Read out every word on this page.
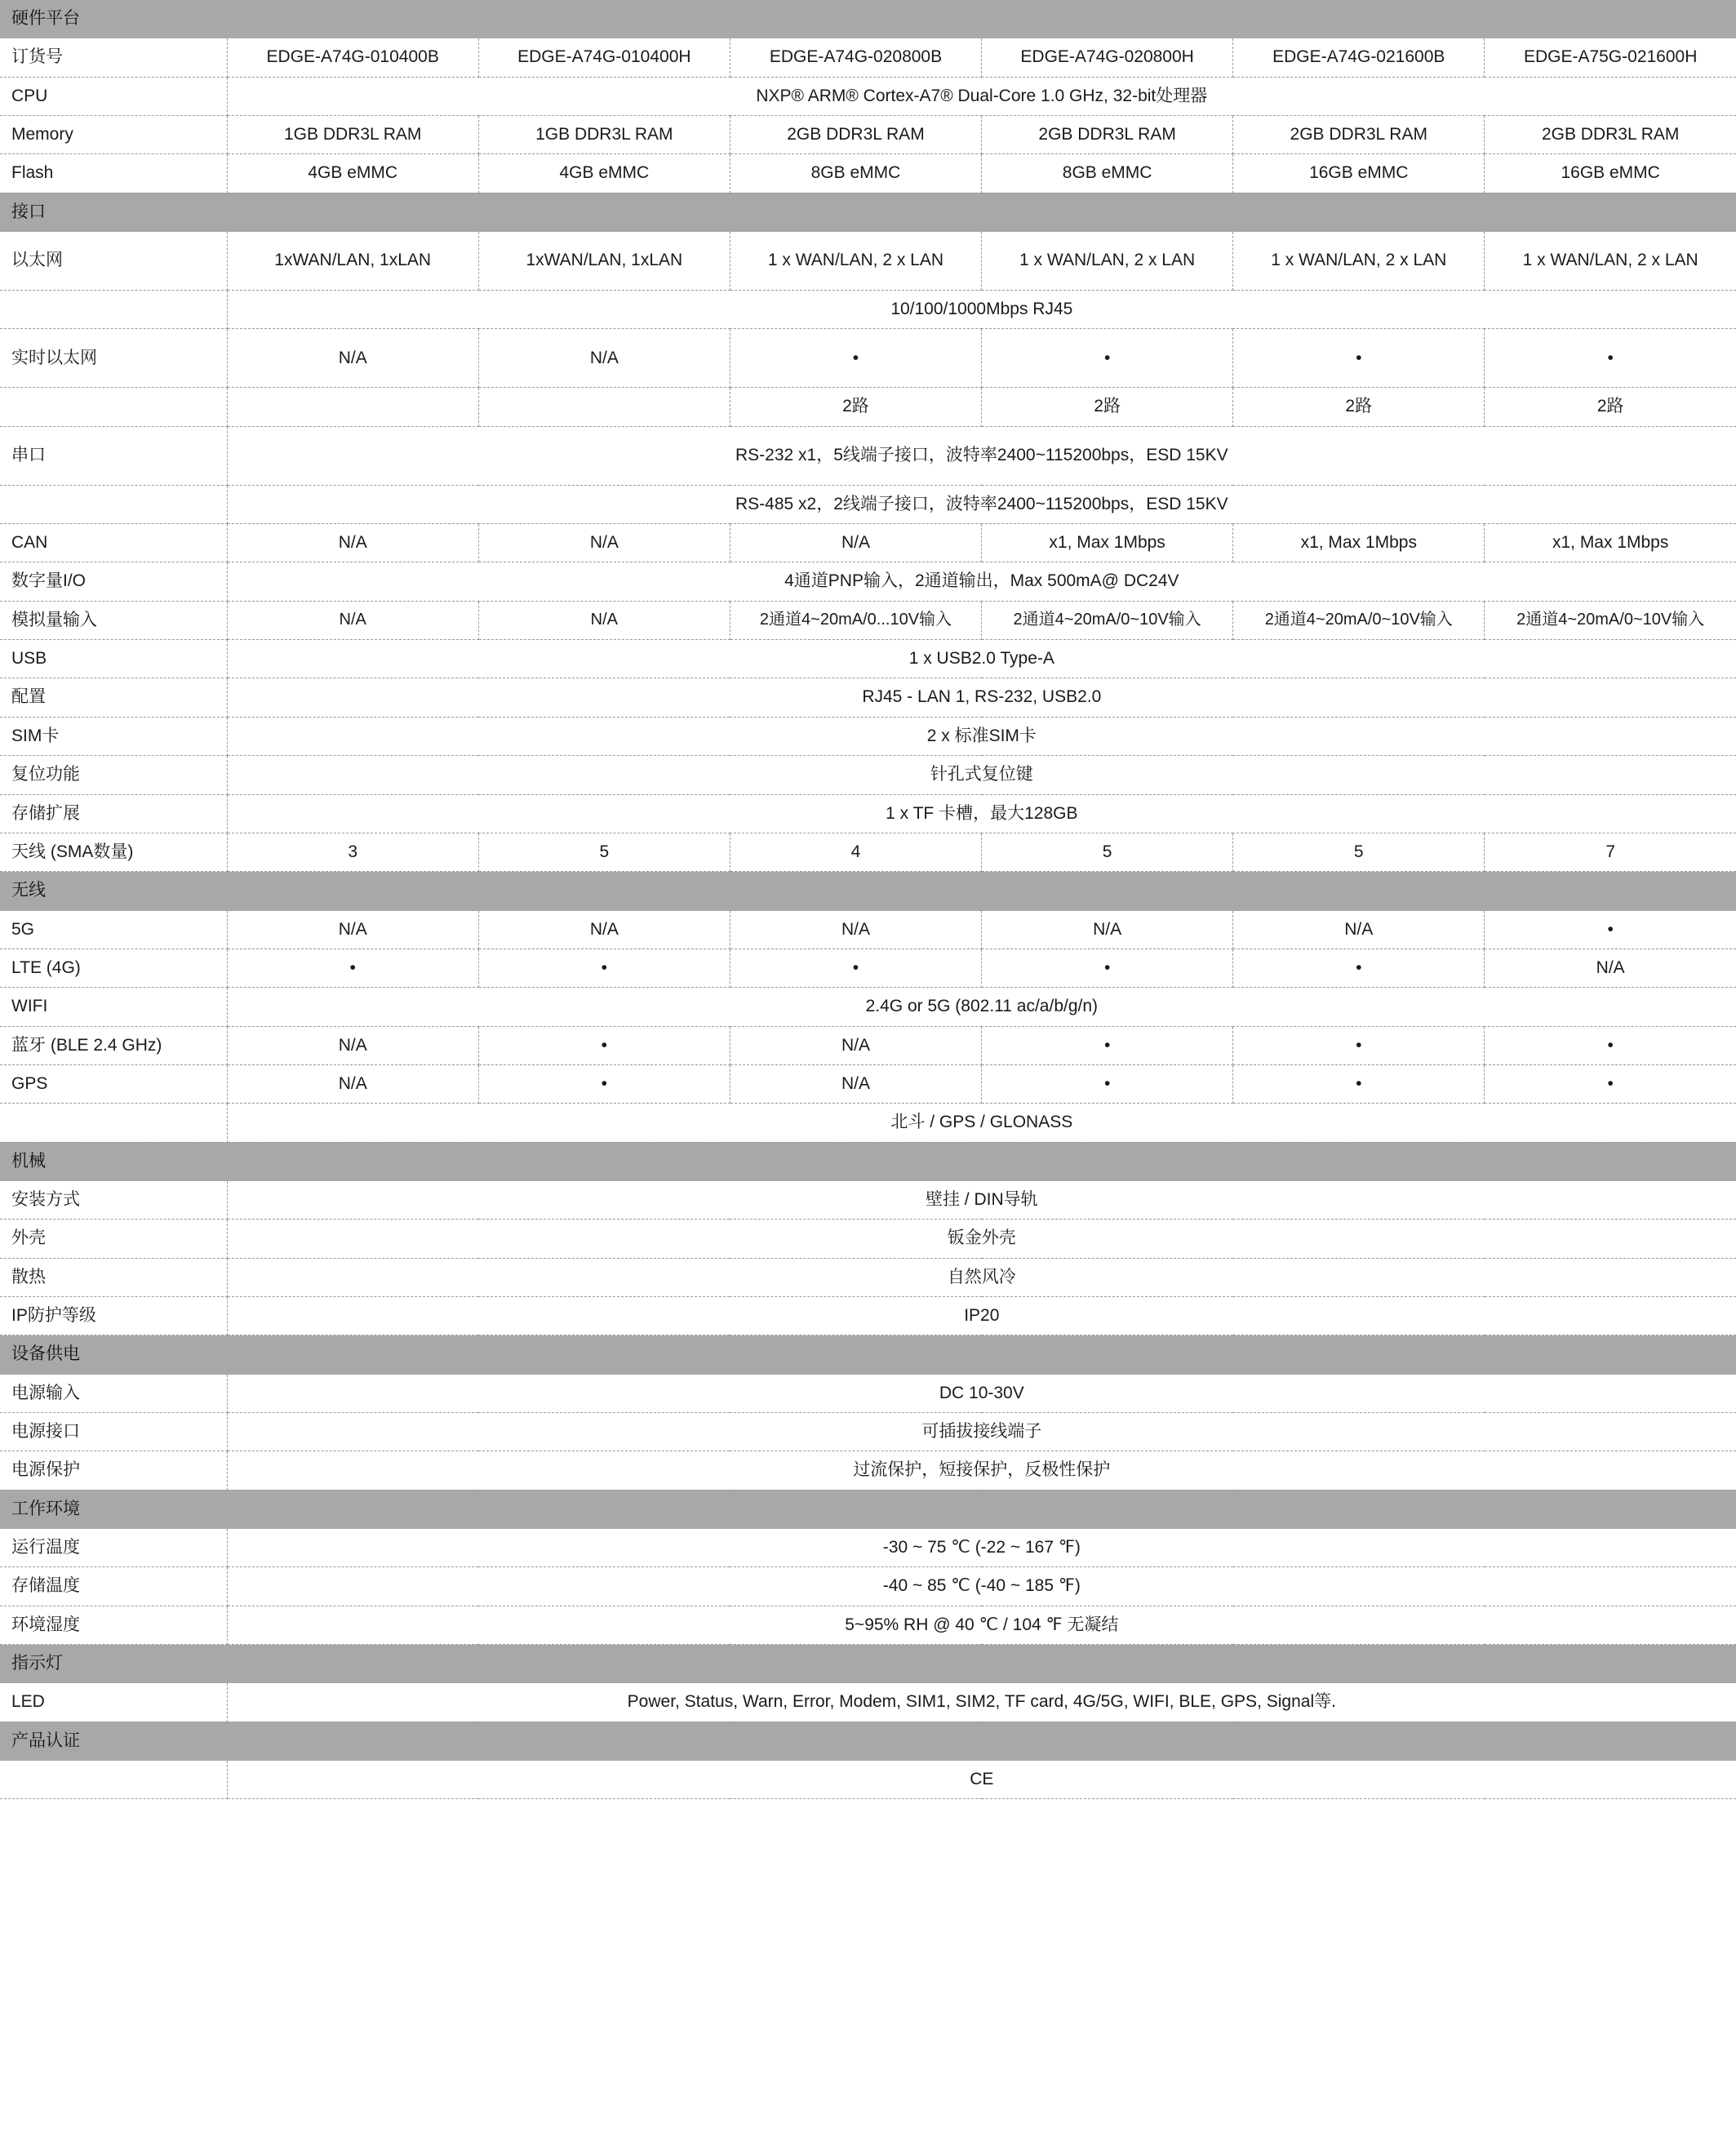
硬件平台						
订货号	EDGE-A74G-010400B	EDGE-A74G-010400H	EDGE-A74G-020800B	EDGE-A74G-020800H	EDGE-A74G-021600B	EDGE-A75G-021600H
CPU	NXP® ARM® Cortex-A7® Dual-Core 1.0 GHz, 32-bit处理器					
Memory	1GB DDR3L RAM	1GB DDR3L RAM	2GB DDR3L RAM	2GB DDR3L RAM	2GB DDR3L RAM	2GB DDR3L RAM
Flash	4GB eMMC	4GB eMMC	8GB eMMC	8GB eMMC	16GB eMMC	16GB eMMC
接口						
以太网	1xWAN/LAN, 1xLAN	1xWAN/LAN, 1xLAN	1 x WAN/LAN, 2 x LAN	1 x WAN/LAN, 2 x LAN	1 x WAN/LAN, 2 x LAN	1 x WAN/LAN, 2 x LAN
	10/100/1000Mbps RJ45					
实时以太网	N/A	N/A	•	•	•	•
			2路	2路	2路	2路
串口	RS-232 x1，5线端子接口，波特率2400~115200bps，ESD 15KV					
	RS-485 x2，2线端子接口，波特率2400~115200bps，ESD 15KV					
CAN	N/A	N/A	N/A	x1, Max 1Mbps	x1, Max 1Mbps	x1, Max 1Mbps
数字量I/O	4通道PNP输入，2通道输出，Max 500mA@ DC24V					
模拟量输入	N/A	N/A	2通道4~20mA/0...10V输入	2通道4~20mA/0~10V输入	2通道4~20mA/0~10V输入	2通道4~20mA/0~10V输入
USB	1 x USB2.0 Type-A					
配置	RJ45 - LAN 1, RS-232, USB2.0					
SIM卡	2 x 标准SIM卡					
复位功能	针孔式复位键					
存储扩展	1 x TF 卡槽，最大128GB					
天线 (SMA数量)	3	5	4	5	5	7
无线						
5G	N/A	N/A	N/A	N/A	N/A	•
LTE (4G)	•	•	•	•	•	N/A
WIFI	2.4G or 5G (802.11 ac/a/b/g/n)					
蓝牙 (BLE 2.4 GHz)	N/A	•	N/A	•	•	•
GPS	N/A	•	N/A	•	•	•
	北斗 / GPS / GLONASS					
机械						
安装方式	壁挂 / DIN导轨					
外壳	钣金外壳					
散热	自然风冷					
IP防护等级	IP20					
设备供电						
电源输入	DC 10-30V					
电源接口	可插拔接线端子					
电源保护	过流保护，短接保护，反极性保护					
工作环境						
运行温度	-30 ~ 75 ℃ (-22 ~ 167 ℉)					
存储温度	-40 ~ 85 ℃ (-40 ~ 185 ℉)					
环境湿度	5~95% RH @ 40 ℃ / 104 ℉ 无凝结					
指示灯						
LED	Power, Status, Warn, Error, Modem, SIM1, SIM2, TF card, 4G/5G, WIFI, BLE, GPS, Signal等.					
产品认证						
	CE					
